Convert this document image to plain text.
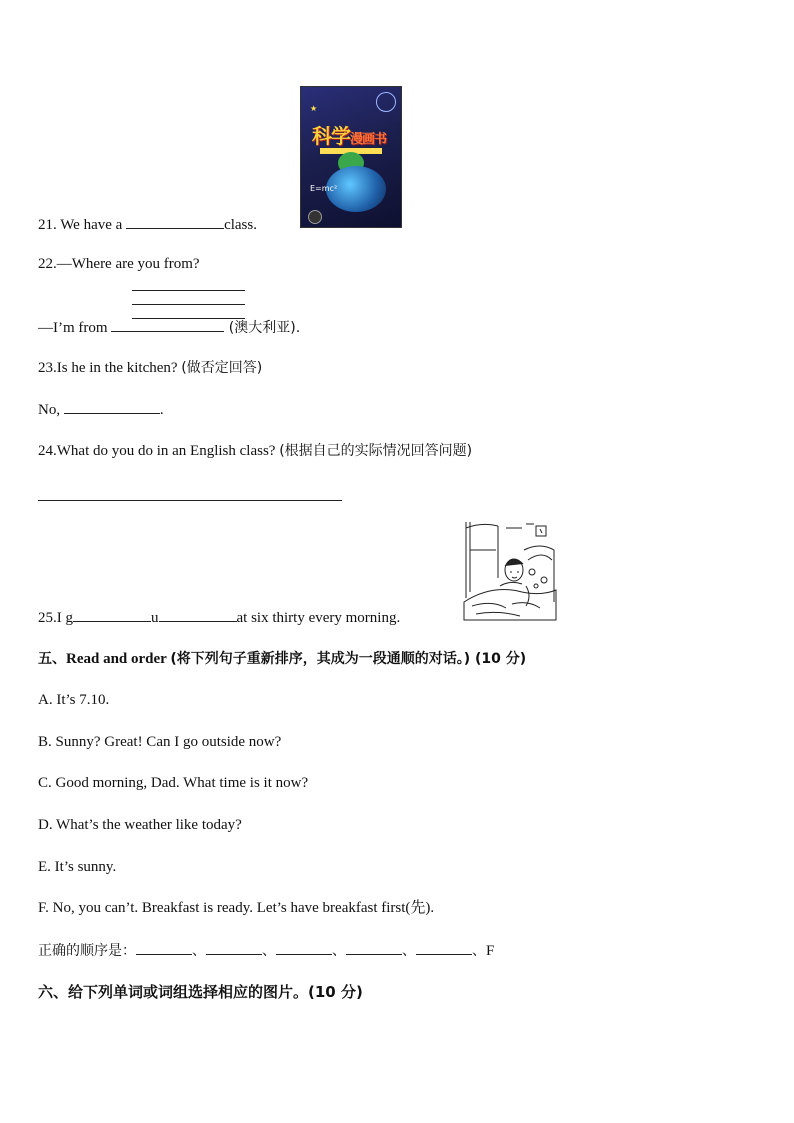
★
科学漫画书
E=mc²
21. We have a	class.
22.—Where are you from?
—I’m from	(澳大利亚).
23.Is he in the kitchen? (做否定回答)
No,	.
24.What do you do in an English class? (根据自己的实际情况回答问题)
25.I g	u	at six thirty every morning.
五、Read and order (将下列句子重新排序，其成为一段通顺的对话。) (10 分)
A. It’s 7.10.
B. Sunny? Great! Can I go outside now?
C. Good morning, Dad. What time is it now?
D. What’s the weather like today?
E. It’s sunny.
F. No, you can’t. Breakfast is ready. Let’s have breakfast first(先).
正确的顺序是：	、	、	、	、	、F
六、给下列单词或词组选择相应的图片。(10 分)
